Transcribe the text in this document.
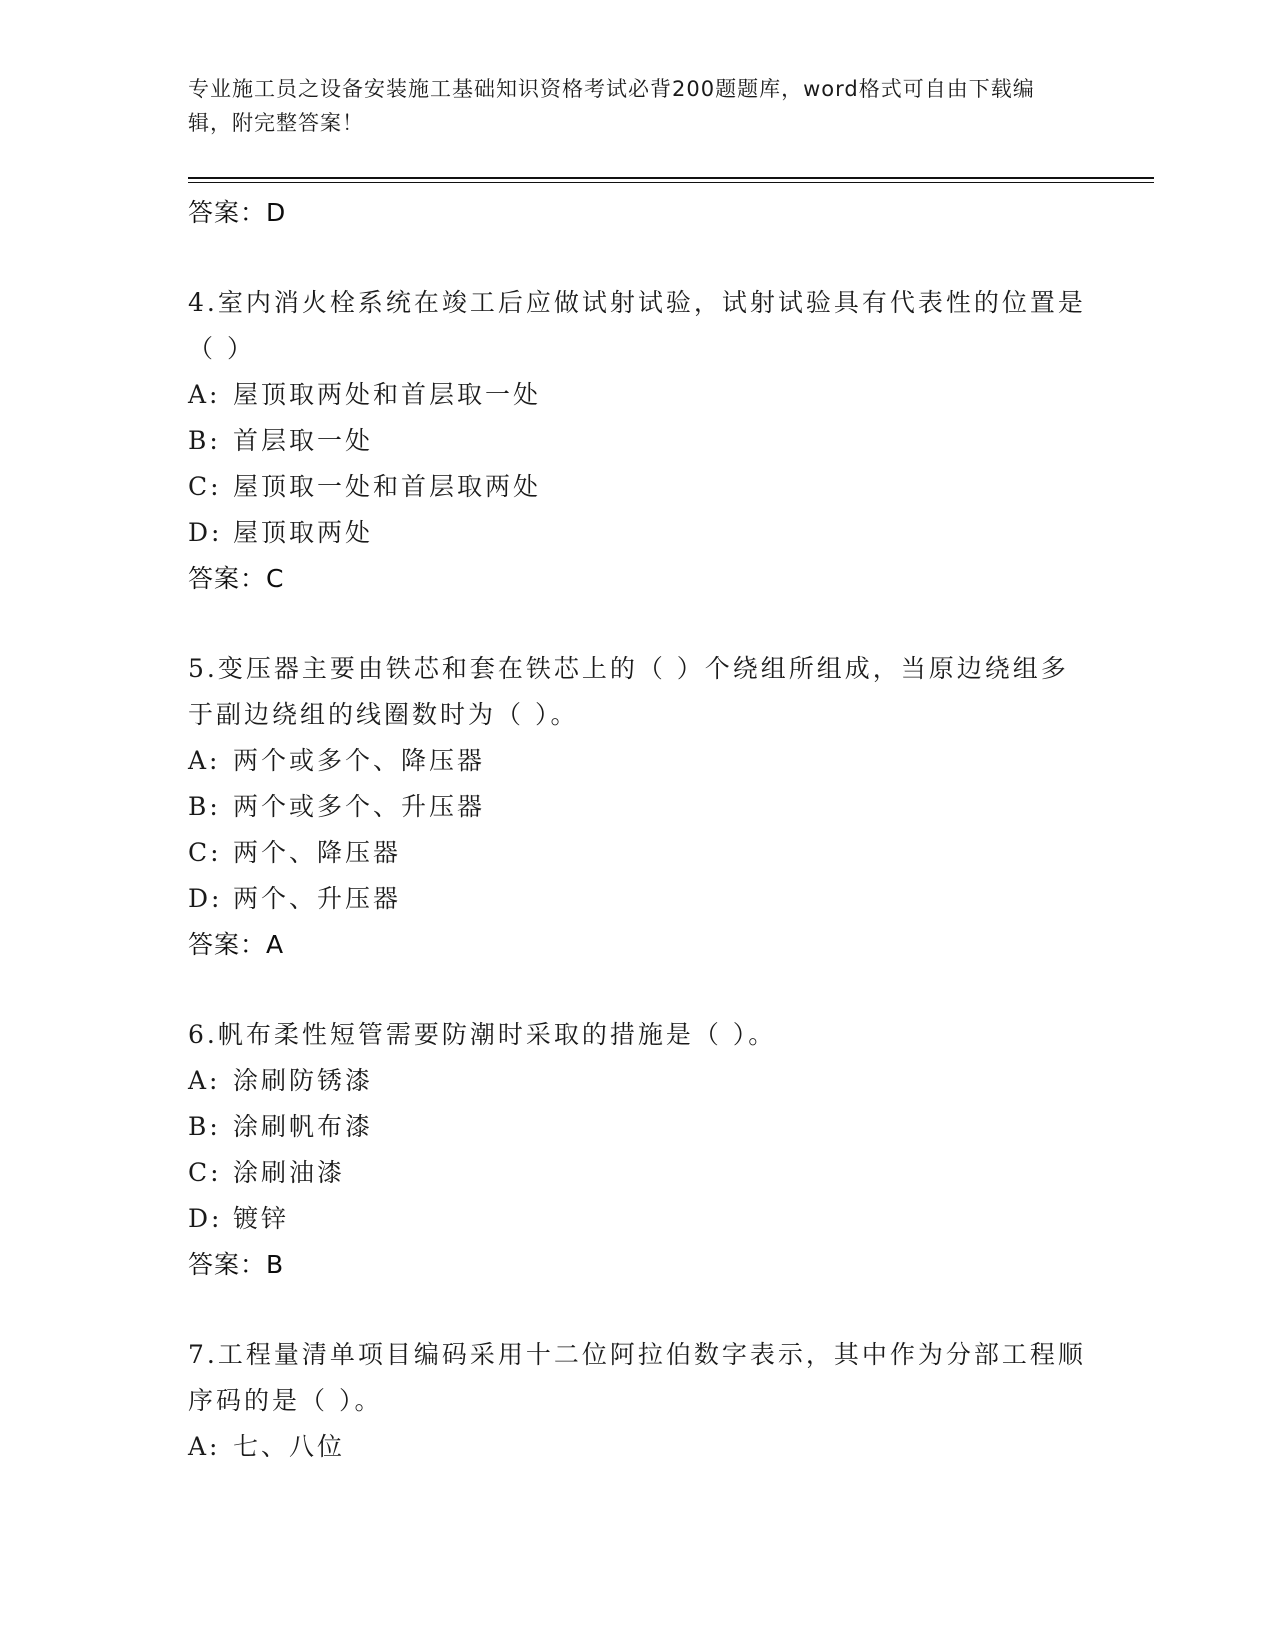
专业施工员之设备安装施工基础知识资格考试必背200题题库，word格式可自由下载编辑，附完整答案！
答案：D
4.室内消火栓系统在竣工后应做试射试验，试射试验具有代表性的位置是（ ）
A: 屋顶取两处和首层取一处
B: 首层取一处
C: 屋顶取一处和首层取两处
D: 屋顶取两处
答案：C
5.变压器主要由铁芯和套在铁芯上的（ ）个绕组所组成，当原边绕组多于副边绕组的线圈数时为（ ）。
A: 两个或多个、降压器
B: 两个或多个、升压器
C: 两个、降压器
D: 两个、升压器
答案：A
6.帆布柔性短管需要防潮时采取的措施是（ ）。
A: 涂刷防锈漆
B: 涂刷帆布漆
C: 涂刷油漆
D: 镀锌
答案：B
7.工程量清单项目编码采用十二位阿拉伯数字表示，其中作为分部工程顺序码的是（ ）。
A: 七、八位
